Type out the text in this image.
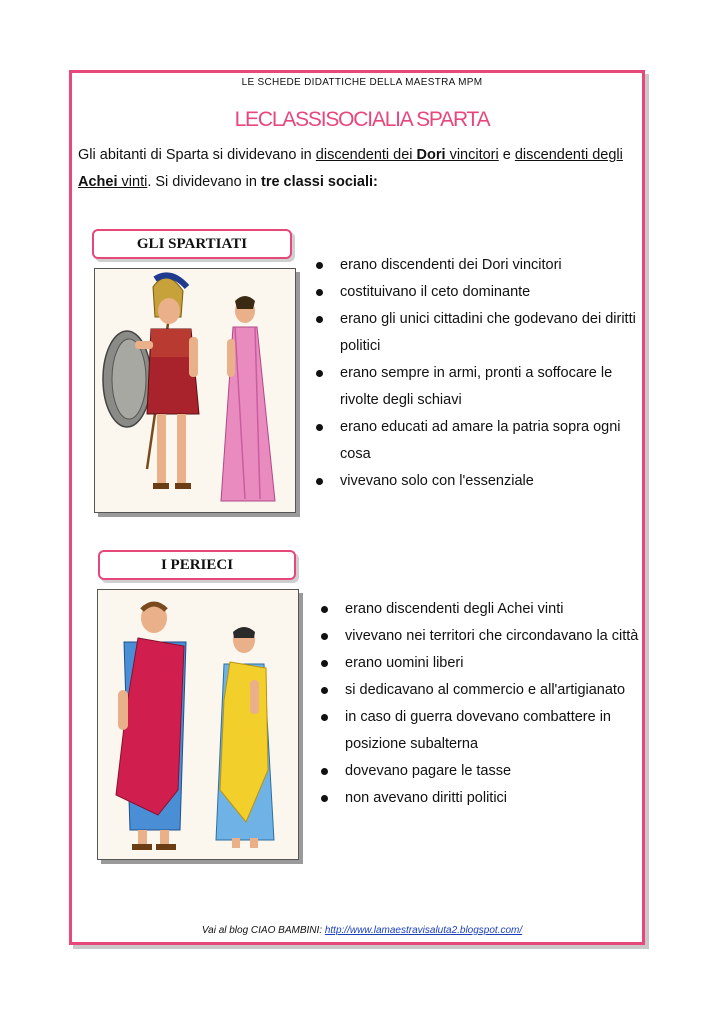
LE SCHEDE DIDATTICHE DELLA MAESTRA MPM
LECLASSISOCIALIA SPARTA
Gli abitanti di Sparta si dividevano in discendenti dei Dori vincitori e discendenti degli Achei vinti. Si dividevano in tre classi sociali:
GLI SPARTIATI
erano discendenti dei Dori vincitori
costituivano il ceto dominante
erano gli unici cittadini che godevano dei diritti politici
erano sempre in armi, pronti a soffocare le rivolte degli schiavi
erano educati ad amare la patria sopra ogni cosa
vivevano solo con l'essenziale
I PERIECI
erano discendenti degli Achei vinti
vivevano nei territori che circondavano la città
erano uomini liberi
si dedicavano al commercio e all'artigianato
in caso di guerra dovevano combattere in posizione subalterna
dovevano pagare le tasse
non avevano diritti politici
Vai al blog CIAO BAMBINI: http://www.lamaestravisaluta2.blogspot.com/
